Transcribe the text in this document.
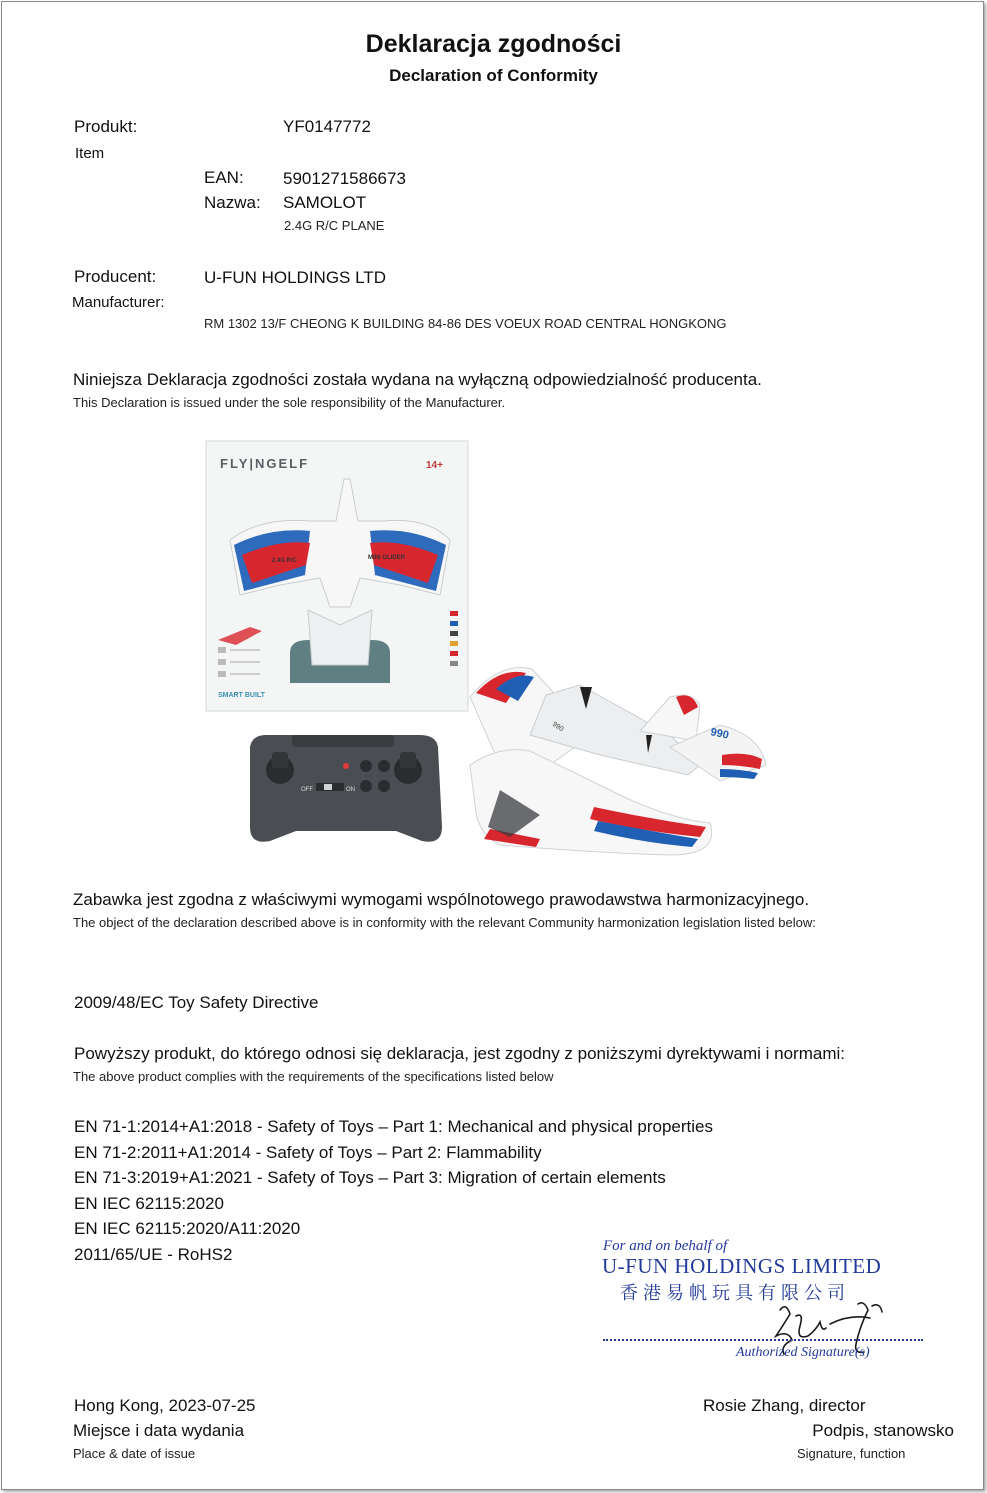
Deklaracja zgodności
Declaration of Conformity
Produkt:
Item
YF0147772
EAN: 5901271586673
Nazwa: SAMOLOT
2.4G R/C PLANE
Producent:
Manufacturer:
U-FUN HOLDINGS LTD
RM 1302 13/F CHEONG K BUILDING 84-86 DES VOEUX ROAD CENTRAL HONGKONG
Niniejsza Deklaracja zgodności została wydana na wyłączną odpowiedzialność producenta.
This Declaration is issued under the sole responsibility of the Manufacturer.
FLY|NGELF	14+
2.4G R/C	MINI GLIDER
SMART BUILT
OFF	ON
990	990
Zabawka jest zgodna z właściwymi wymogami wspólnotowego prawodawstwa harmonizacyjnego.
The object of the declaration described above is in conformity with the relevant Community harmonization legislation listed below:
2009/48/EC Toy Safety Directive
Powyższy produkt, do którego odnosi się deklaracja, jest zgodny z poniższymi dyrektywami i normami:
The above product complies with the requirements of the specifications listed below
EN 71-1:2014+A1:2018 - Safety of Toys – Part 1: Mechanical and physical properties
EN 71-2:2011+A1:2014 - Safety of Toys – Part 2: Flammability
EN 71-3:2019+A1:2021 - Safety of Toys – Part 3: Migration of certain elements
EN IEC 62115:2020
EN IEC 62115:2020/A11:2020
2011/65/UE - RoHS2	For and on behalf of
U-FUN HOLDINGS LIMITED
香港易帆玩具有限公司
Authorized Signature(s)
Hong Kong, 2023-07-25
Miejsce i data wydania
Place & date of issue
Rosie Zhang, director
Podpis, stanowsko
Signature, function
